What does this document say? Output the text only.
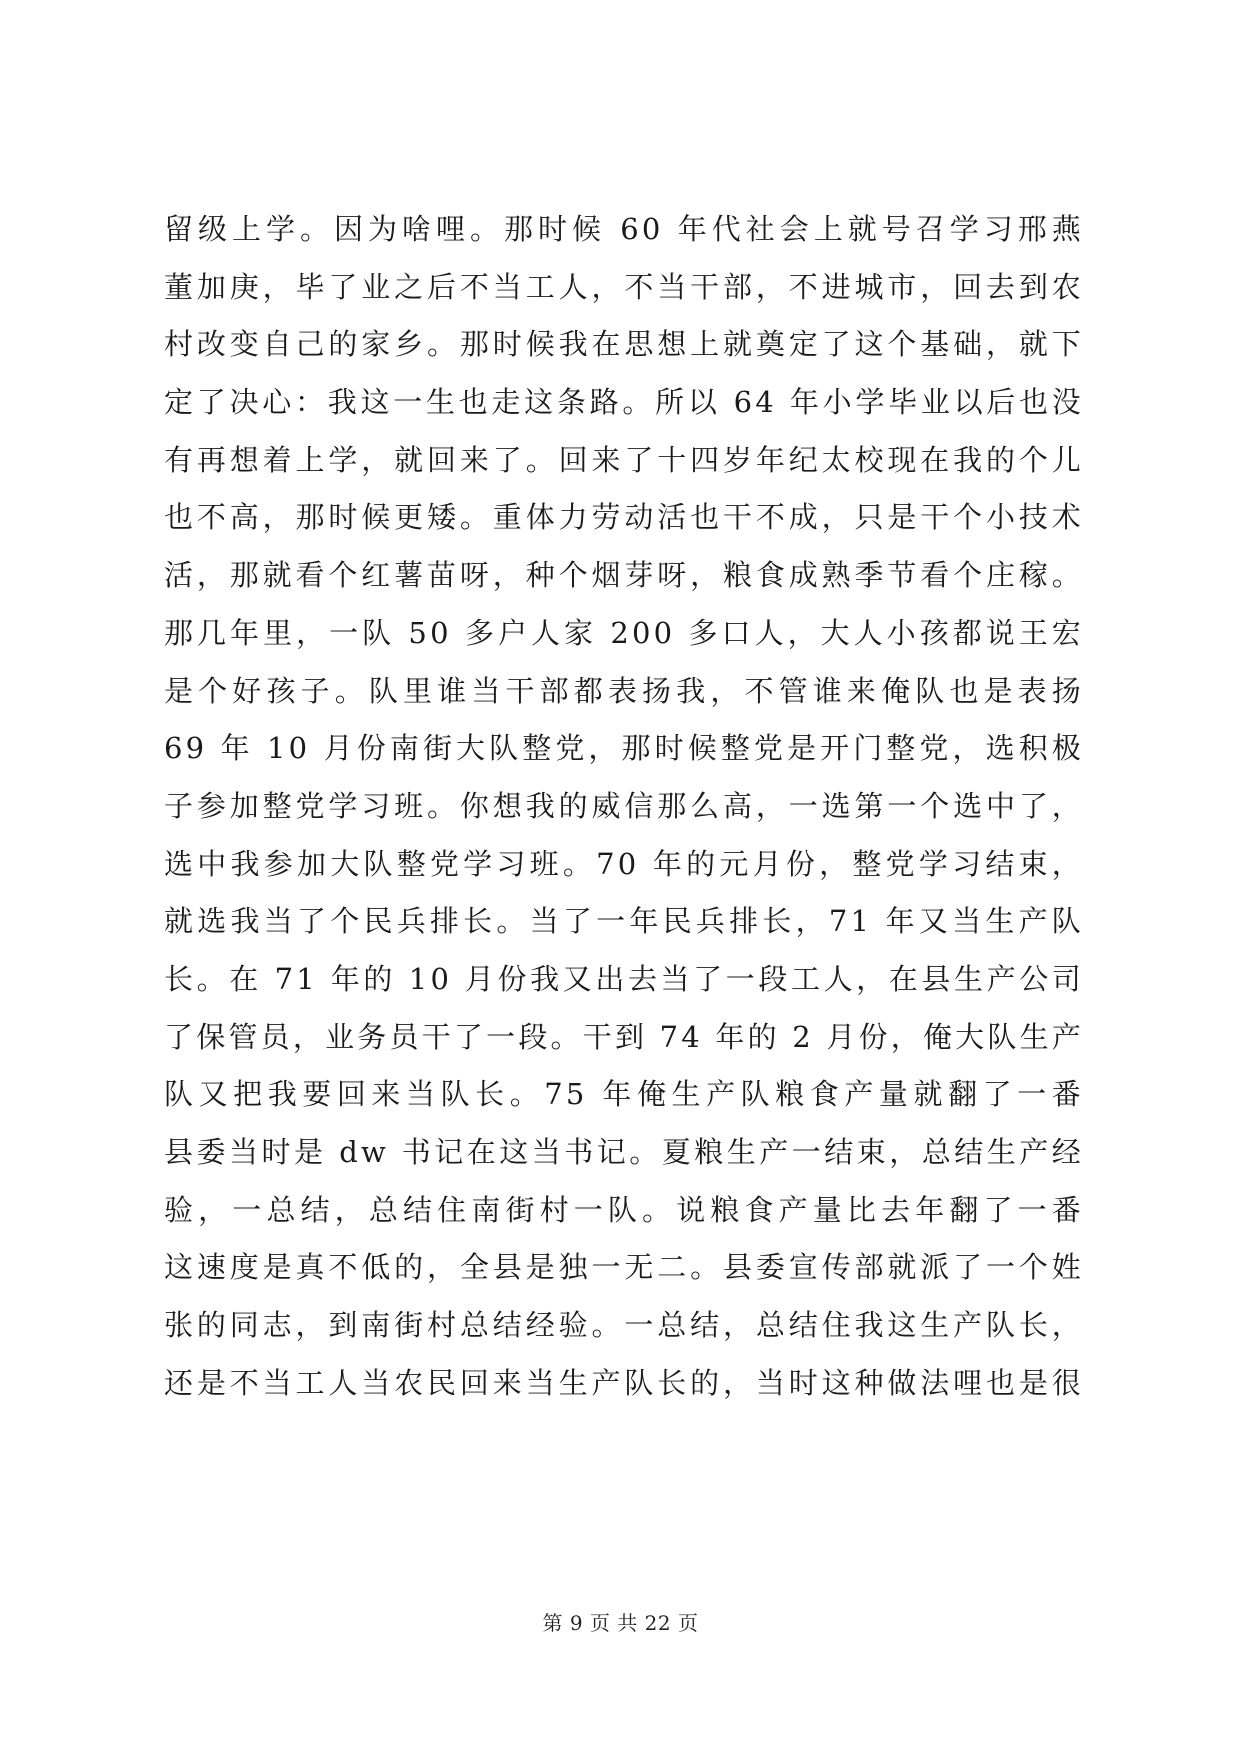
留级上学。因为啥哩。那时候 60 年代社会上就号召学习邢燕
董加庚，毕了业之后不当工人，不当干部，不进城市，回去到农
村改变自己的家乡。那时候我在思想上就奠定了这个基础，就下
定了决心：我这一生也走这条路。所以 64 年小学毕业以后也没
有再想着上学，就回来了。回来了十四岁年纪太校现在我的个儿
也不高，那时候更矮。重体力劳动活也干不成，只是干个小技术
活，那就看个红薯苗呀，种个烟芽呀，粮食成熟季节看个庄稼。
那几年里，一队 50 多户人家 200 多口人，大人小孩都说王宏
是个好孩子。队里谁当干部都表扬我，不管谁来俺队也是表扬
69 年 10 月份南街大队整党，那时候整党是开门整党，选积极
子参加整党学习班。你想我的威信那么高，一选第一个选中了，
选中我参加大队整党学习班。70 年的元月份，整党学习结束，
就选我当了个民兵排长。当了一年民兵排长，71 年又当生产队
长。在 71 年的 10 月份我又出去当了一段工人，在县生产公司
了保管员，业务员干了一段。干到 74 年的 2 月份，俺大队生产
队又把我要回来当队长。75 年俺生产队粮食产量就翻了一番
县委当时是 dw 书记在这当书记。夏粮生产一结束，总结生产经
验，一总结，总结住南街村一队。说粮食产量比去年翻了一番
这速度是真不低的，全县是独一无二。县委宣传部就派了一个姓
张的同志，到南街村总结经验。一总结，总结住我这生产队长，
还是不当工人当农民回来当生产队长的，当时这种做法哩也是很
第 9 页 共 22 页
